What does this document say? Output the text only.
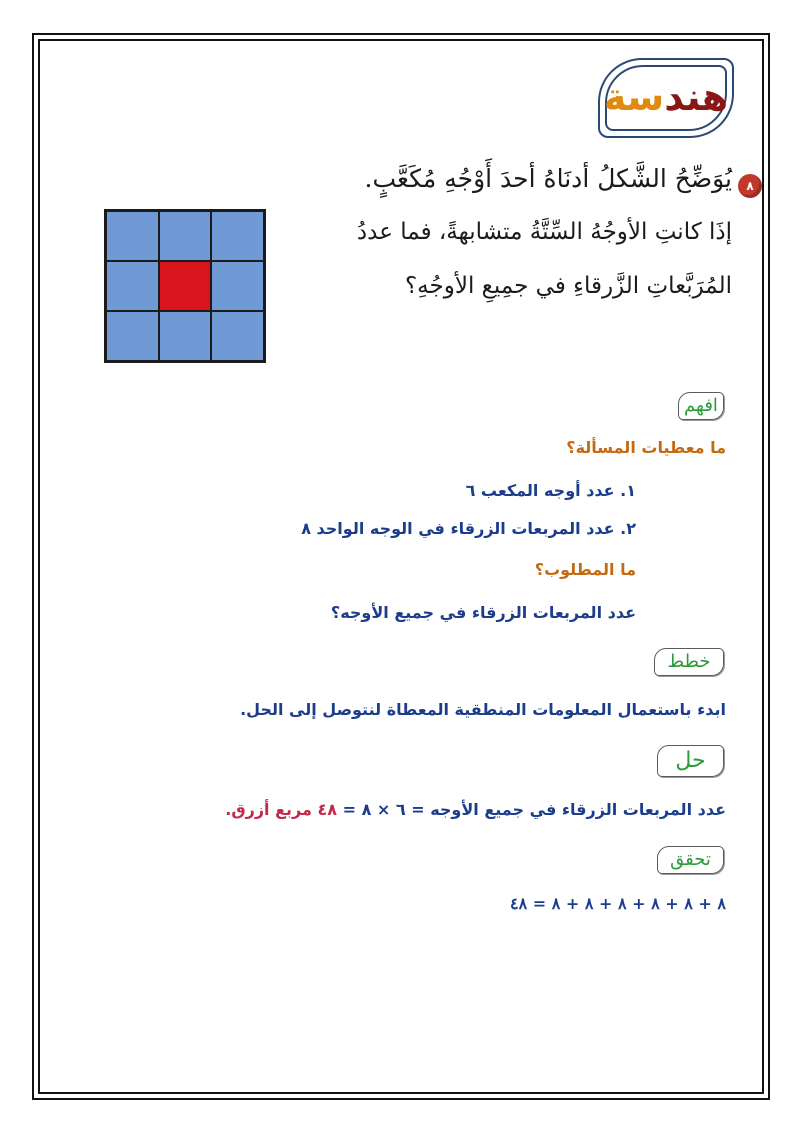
هندسة
٨
يُوَضِّحُ الشَّكلُ أدنَاهُ أحدَ أَوْجُهِ مُكَعَّبٍ.
إذَا كانتِ الأوجُهُ السِّتَّةُ متشابهةً، فما عددُ
المُرَبَّعاتِ الزَّرقاءِ في جمِيعِ الأوجُهِ؟
افهم
ما معطيات المسألة؟
١. عدد أوجه المكعب ٦
٢. عدد المربعات الزرقاء في الوجه الواحد ٨
ما المطلوب؟
عدد المربعات الزرقاء في جميع الأوجه؟
خطط
ابدء باستعمال المعلومات المنطقية المعطاة لنتوصل إلى الحل.
حل
عدد المربعات الزرقاء في جميع الأوجه = ٦ × ٨ = ٤٨ مربع أزرق.
تحقق
٨ + ٨ + ٨ + ٨ + ٨ + ٨ = ٤٨
